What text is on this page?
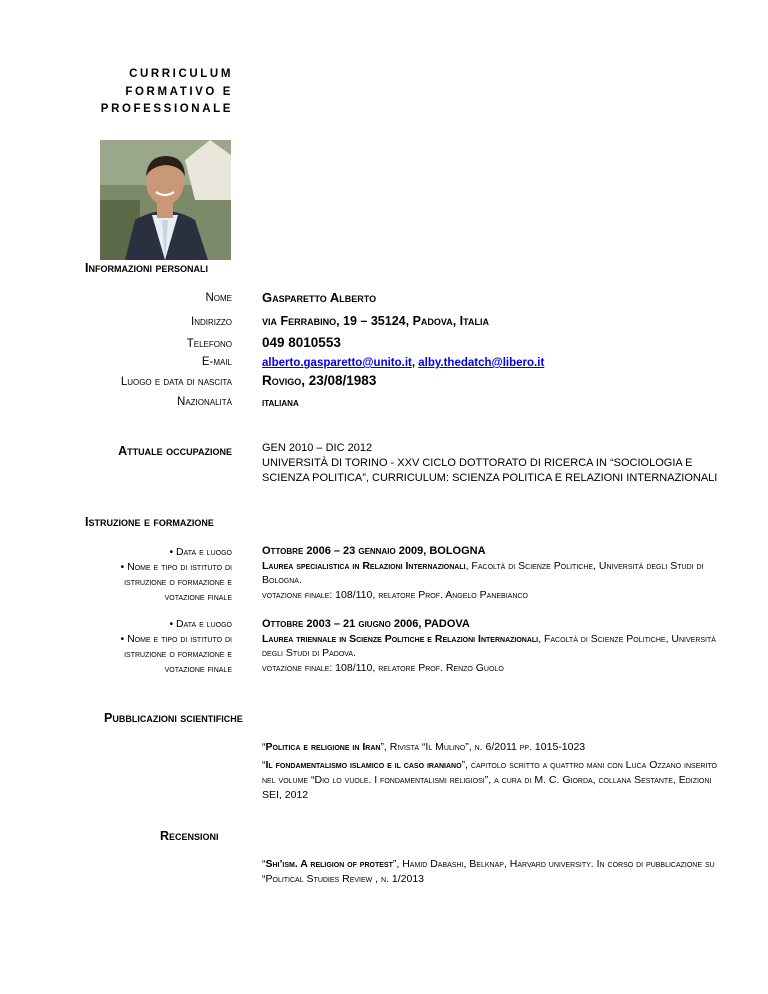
CURRICULUM
FORMATIVO E
PROFESSIONALE
Informazioni personali
Nome Gasparetto Alberto
Indirizzo via Ferrabino, 19 – 35124, Padova, Italia
Telefono 049 8010553
E-mail	alberto.gasparetto@unito.it, alby.thedatch@libero.it
Luogo e data di nascita Rovigo, 23/08/1983
Nazionalità	italiana
Attuale occupazione	GEN 2010 – DIC 2012
UNIVERSITÀ DI TORINO - XXV CICLO DOTTORATO DI RICERCA IN “SOCIOLOGIA E SCIENZA POLITICA”, CURRICULUM: SCIENZA POLITICA E RELAZIONI INTERNAZIONALI
Istruzione e formazione
• Data e luogo
• Nome e tipo di istituto di
istruzione o formazione e
votazione finale
Ottobre 2006 – 23 gennaio 2009, BOLOGNA
Laurea specialistica in Relazioni Internazionali, Facoltà di Scienze Politiche, Università degli Studi di Bologna.
votazione finale: 108/110, relatore Prof. Angelo Panebianco
• Data e luogo
• Nome e tipo di istituto di
istruzione o formazione e
votazione finale
Ottobre 2003 – 21 giugno 2006, PADOVA
Laurea triennale in Scienze Politiche e Relazioni Internazionali, Facoltà di Scienze Politiche, Università degli Studi di Padova.
votazione finale: 108/110, relatore Prof. Renzo Guolo
Pubblicazioni scientifiche
“Politica e religione in Iran”, Rivista “Il Mulino”, n. 6/2011 pp. 1015-1023
“Il fondamentalismo islamico e il caso iraniano”, capitolo scritto a quattro mani con Luca Ozzano inserito nel volume “Dio lo vuole. I fondamentalismi religiosi”, a cura di M. C. Giorda, collana Sestante, Edizioni SEI, 2012
Recensioni
“Shi’ism. A religion of protest”, Hamid Dabashi, Belknap, Harvard university. In corso di pubblicazione su “Political Studies Review , n. 1/2013
